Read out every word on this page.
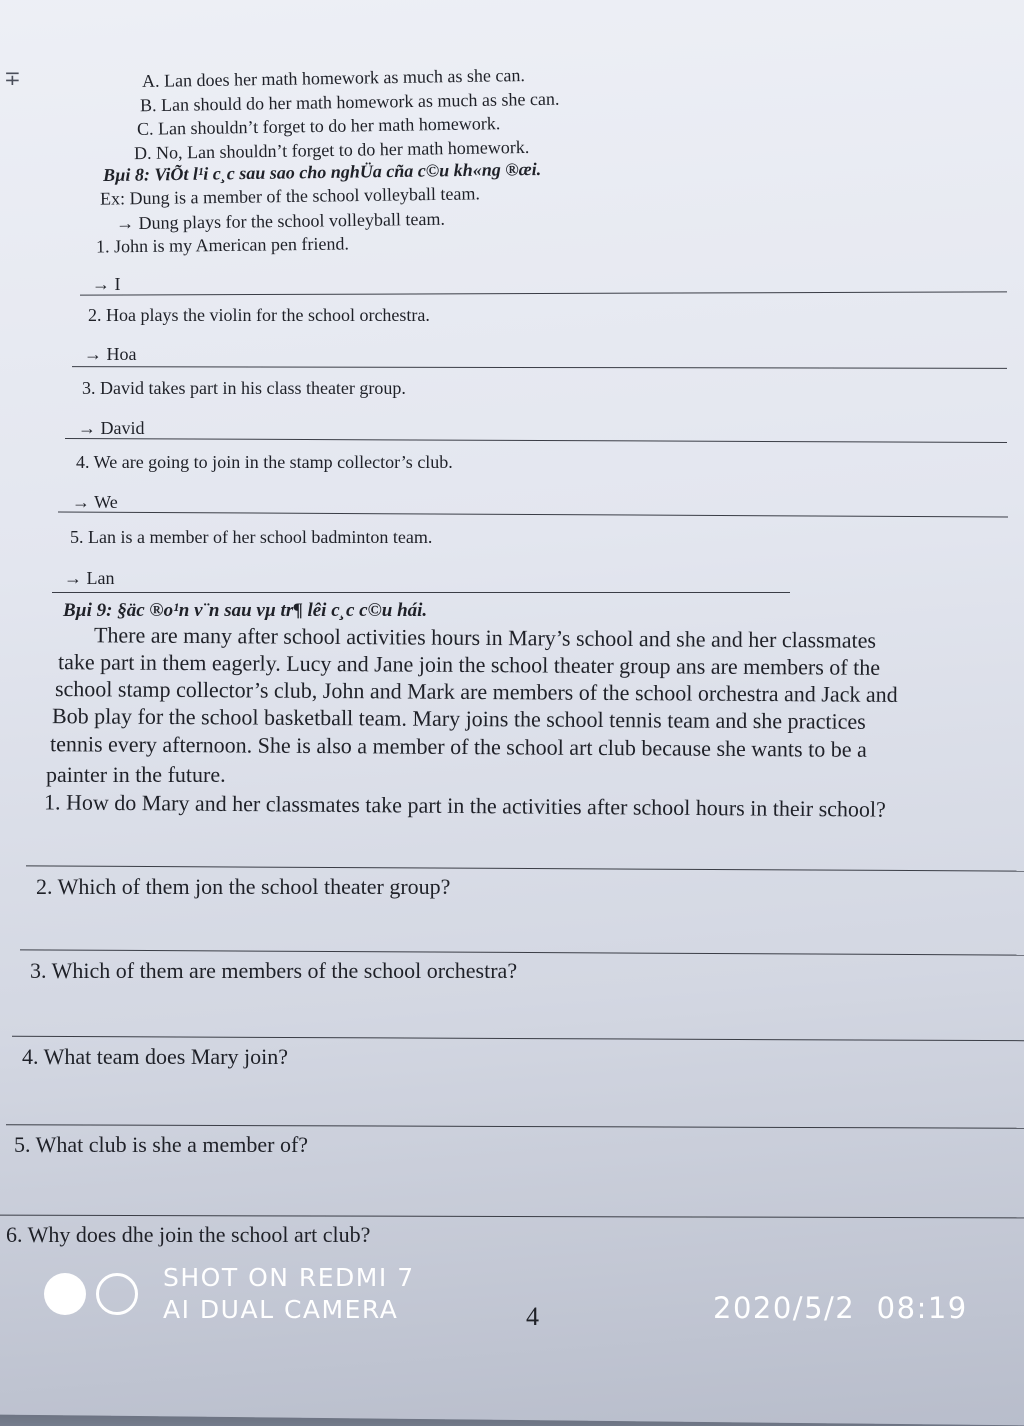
∓	A. Lan does her math homework as much as she can.
B. Lan should do her math homework as much as she can.
C. Lan shouldn’t forget to do her math homework.
D. No, Lan shouldn’t forget to do her math homework.
Bµi 8: ViÕt l¹i c¸c sau sao cho nghÜa cña c©u kh«ng ®æi.
Ex: Dung is a member of the school volleyball team.
→ Dung plays for the school volleyball team.
1. John is my American pen friend.
→ I
2. Hoa plays the violin for the school orchestra.
→ Hoa
3. David takes part in his class theater group.
→ David
4. We are going to join in the stamp collector’s club.
→ We
5. Lan is a member of her school badminton team.
→ Lan
Bµi 9: §äc ®o¹n v¨n sau vµ tr¶ lêi c¸c c©u hái.
There are many after school activities hours in Mary’s school and she and her classmates
take part in them eagerly. Lucy and Jane join the school theater group ans are members of the
school stamp collector’s club, John and Mark are members of the school orchestra and Jack and
Bob play for the school basketball team. Mary joins the school tennis team and she practices
tennis every afternoon. She is also a member of the school art club because she wants to be a
painter in the future.
1. How do Mary and her classmates take part in the activities after school hours in their school?
2. Which of them jon the school theater group?
3. Which of them are members of the school orchestra?
4. What team does Mary join?
5. What club is she a member of?
6. Why does dhe join the school art club?
4
SHOT ON REDMI 7
AI DUAL CAMERA	2020/5/2  08:19
